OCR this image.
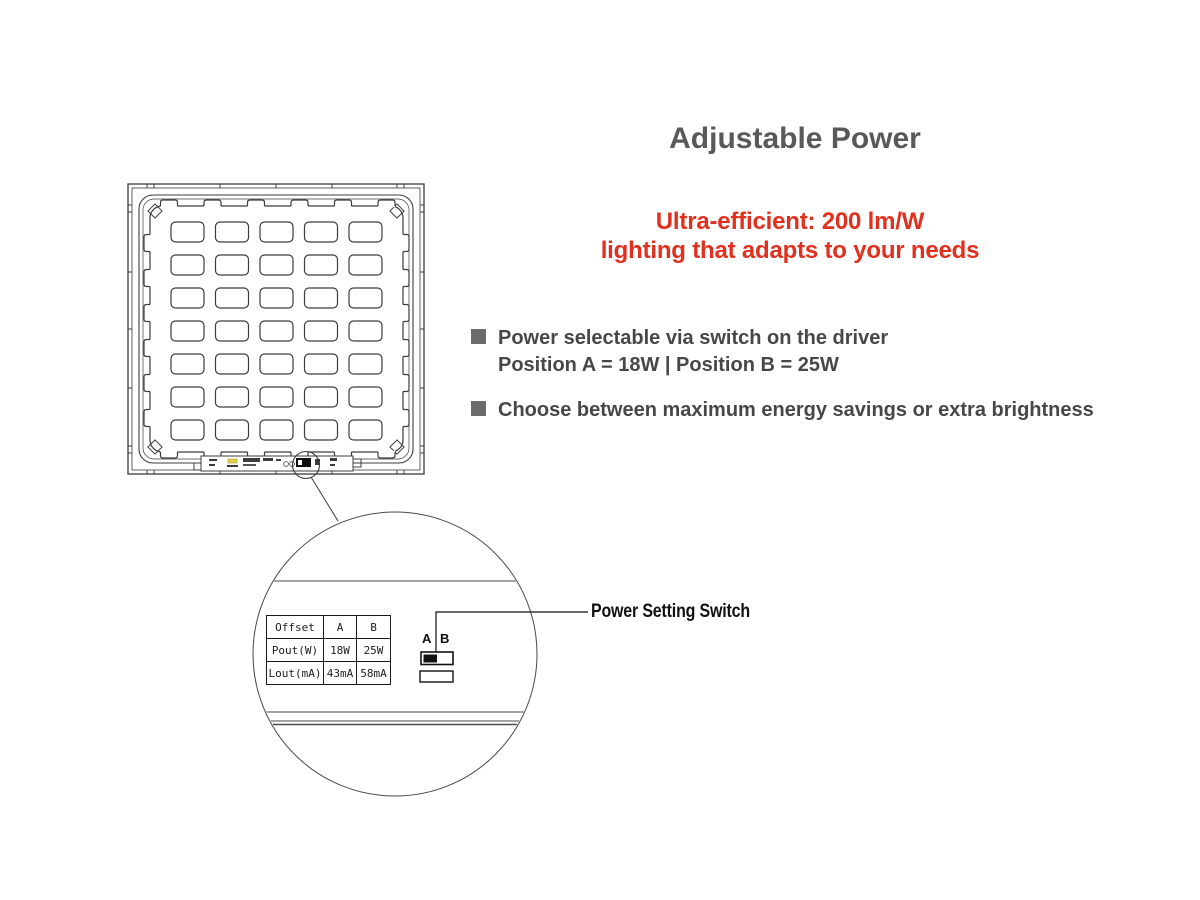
Adjustable Power
Ultra-efficient: 200 lm/W
lighting that adapts to your needs
Power selectable via switch on the driver
Position A = 18W | Position B = 25W
Choose between maximum energy savings or extra brightness
Power Setting Switch
Offset	A	B
Pout(W)	18W	25W
Lout(mA)	43mA	58mA
A B
